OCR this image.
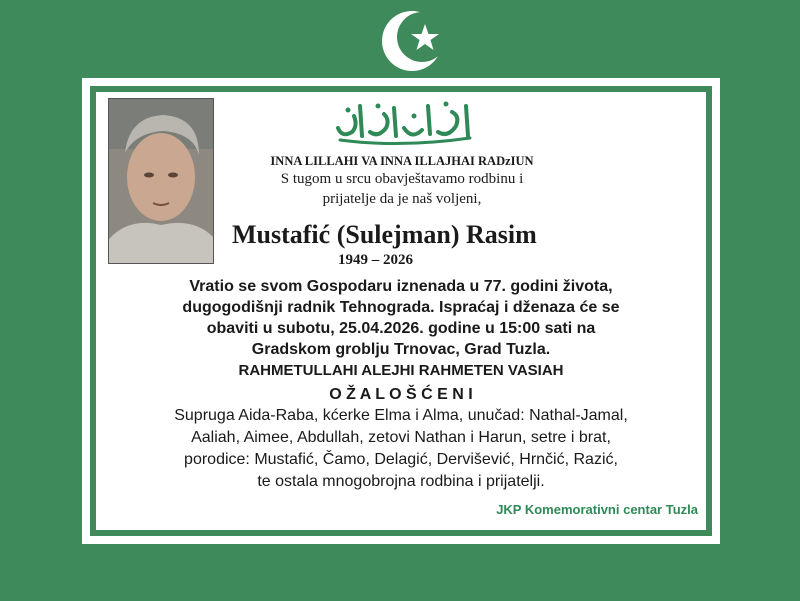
INNA LILLAHI VA INNA ILLAJHAI RADzIUN
S tugom u srcu obavještavamo rodbinu i
prijatelje da je naš voljeni,
Mustafić (Sulejman) Rasim
1949 – 2026
Vratio se svom Gospodaru iznenada u 77. godini života,
dugogodišnji radnik Tehnograda. Ispraćaj i dženaza će se
obaviti u subotu, 25.04.2026. godine u 15:00 sati na
Gradskom groblju Trnovac, Grad Tuzla.
RAHMETULLAHI ALEJHI RAHMETEN VASIAH
O Ž A L O Š Ć E N I
Supruga Aida-Raba, kćerke Elma i Alma, unučad: Nathal-Jamal,
Aaliah, Aimee, Abdullah, zetovi Nathan i Harun, setre i brat,
porodice: Mustafić, Čamo, Delagić, Dervišević, Hrnčić, Razić,
te ostala mnogobrojna rodbina i prijatelji.
JKP Komemorativni centar Tuzla
